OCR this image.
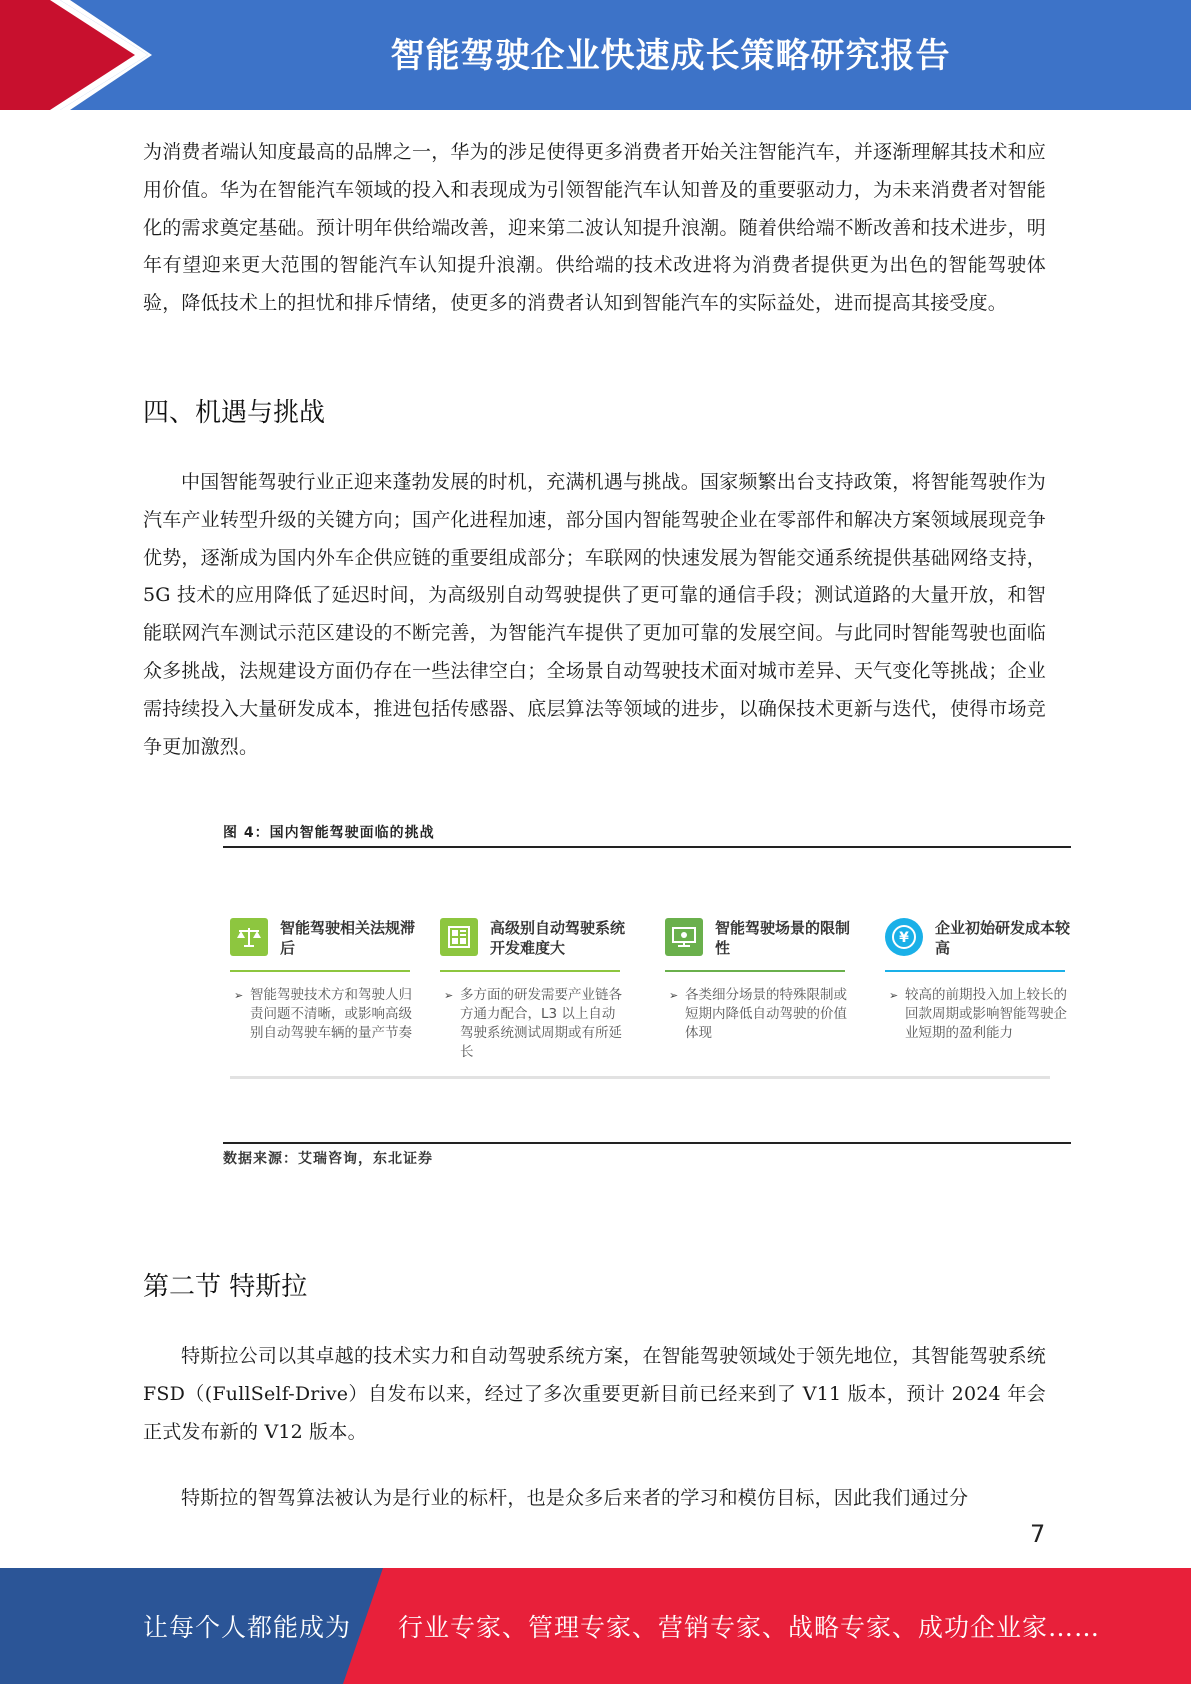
智能驾驶企业快速成长策略研究报告

为消费者端认知度最高的品牌之一，华为的涉足使得更多消费者开始关注智能汽车，并逐渐理解其技术和应用价值。华为在智能汽车领域的投入和表现成为引领智能汽车认知普及的重要驱动力，为未来消费者对智能化的需求奠定基础。预计明年供给端改善，迎来第二波认知提升浪潮。随着供给端不断改善和技术进步，明年有望迎来更大范围的智能汽车认知提升浪潮。供给端的技术改进将为消费者提供更为出色的智能驾驶体验，降低技术上的担忧和排斥情绪，使更多的消费者认知到智能汽车的实际益处，进而提高其接受度。

四、机遇与挑战

中国智能驾驶行业正迎来蓬勃发展的时机，充满机遇与挑战。国家频繁出台支持政策，将智能驾驶作为汽车产业转型升级的关键方向；国产化进程加速，部分国内智能驾驶企业在零部件和解决方案领域展现竞争优势，逐渐成为国内外车企供应链的重要组成部分；车联网的快速发展为智能交通系统提供基础网络支持，5G 技术的应用降低了延迟时间，为高级别自动驾驶提供了更可靠的通信手段；测试道路的大量开放，和智能联网汽车测试示范区建设的不断完善，为智能汽车提供了更加可靠的发展空间。与此同时智能驾驶也面临众多挑战，法规建设方面仍存在一些法律空白；全场景自动驾驶技术面对城市差异、天气变化等挑战；企业需持续投入大量研发成本，推进包括传感器、底层算法等领域的进步，以确保技术更新与迭代，使得市场竞争更加激烈。

图 4：国内智能驾驶面临的挑战
智能驾驶相关法规滞后
➢ 智能驾驶技术方和驾驶人归责问题不清晰，或影响高级别自动驾驶车辆的量产节奏
高级别自动驾驶系统开发难度大
➢ 多方面的研发需要产业链各方通力配合，L3 以上自动驾驶系统测试周期或有所延长
智能驾驶场景的限制性
➢ 各类细分场景的特殊限制或短期内降低自动驾驶的价值体现
¥
企业初始研发成本较高
➢ 较高的前期投入加上较长的回款周期或影响智能驾驶企业短期的盈利能力
数据来源：艾瑞咨询，东北证券
第二节 特斯拉

特斯拉公司以其卓越的技术实力和自动驾驶系统方案，在智能驾驶领域处于领先地位，其智能驾驶系统 FSD（(FullSelf-Drive）自发布以来，经过了多次重要更新目前已经来到了 V11 版本，预计 2024 年会正式发布新的 V12 版本。

特斯拉的智驾算法被认为是行业的标杆，也是众多后来者的学习和模仿目标，因此我们通过分

7
让每个人都能成为 行业专家、管理专家、营销专家、战略专家、成功企业家……
